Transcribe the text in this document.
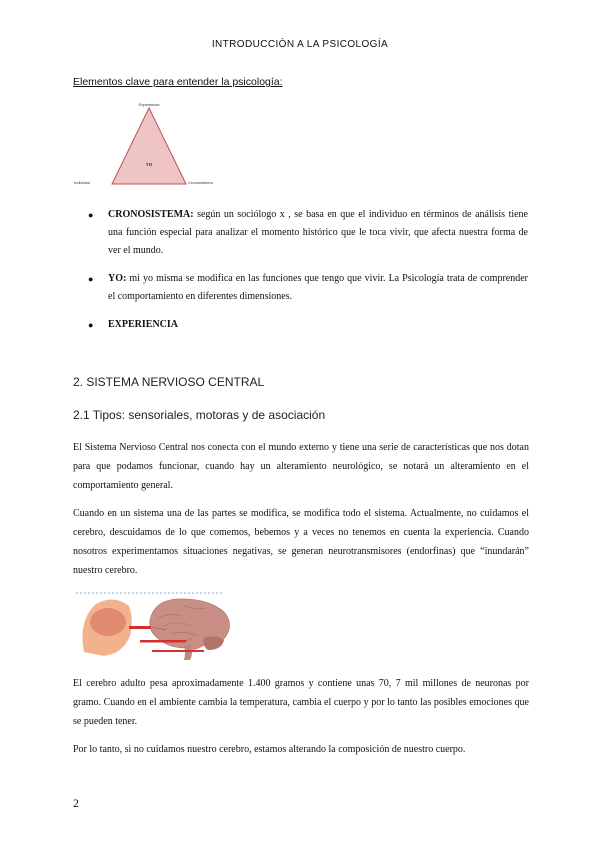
INTRODUCCIÓN A LA PSICOLOGÍA
Elementos clave para entender la psicología:
Experiencia
YO
Individuo	Cronosistema
● CRONOSISTEMA: según un sociólogo x , se basa en que el individuo en términos de análisis tiene una función especial para analizar el momento histórico que le toca vivir, que afecta nuestra forma de ver el mundo.
● YO: mi yo misma se modifica en las funciones que tengo que vivir. La Psicología trata de comprender el comportamiento en diferentes dimensiones.
● EXPERIENCIA
2. SISTEMA NERVIOSO CENTRAL
2.1 Tipos: sensoriales, motoras y de asociación

El Sistema Nervioso Central nos conecta con el mundo externo y tiene una serie de características que nos dotan para que podamos funcionar, cuando hay un alteramiento neurológico, se notará un alteramiento en el comportamiento general.

Cuando en un sistema una de las partes se modifica, se modifica todo el sistema. Actualmente, no cuidamos el cerebro, descuidamos de lo que comemos, bebemos y a veces no tenemos en cuenta la experiencia. Cuando nosotros experimentamos situaciones negativas, se generan neurotransmisores (endorfinas) que “inundarán” nuestro cerebro.

El cerebro adulto pesa aproximadamente 1.400 gramos y contiene unas 70, 7 mil millones de neuronas por gramo. Cuando en el ambiente cambia la temperatura, cambia el cuerpo y por lo tanto las posibles emociones que se pueden tener.

Por lo tanto, si no cuidamos nuestro cerebro, estamos alterando la composición de nuestro cuerpo.

2
